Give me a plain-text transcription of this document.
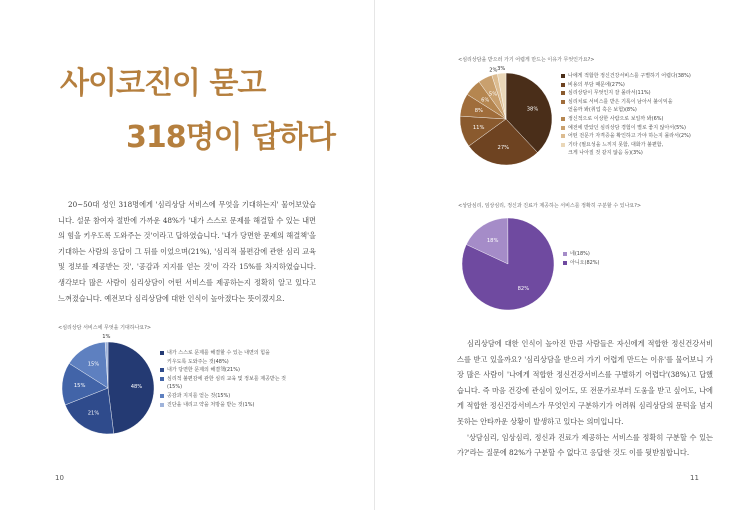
사이코진이 묻고
318명이 답하다

20~50대 성인 318명에게 '심리상담 서비스에 무엇을 기대하는지' 물어보았습니다. 설문 참여자 절반에 가까운 48%가 '내가 스스로 문제를 해결할 수 있는 내면의 힘을 키우도록 도와주는 것'이라고 답하였습니다. '내가 당면한 문제의 해결책'을 기대하는 사람의 응답이 그 뒤를 이었으며(21%), '심리적 불편감에 관한 심리 교육 및 정보를 제공받는 것', '공감과 지지를 얻는 것'이 각각 15%를 차지하였습니다. 생각보다 많은 사람이 심리상담이 어떤 서비스를 제공하는지 정확히 알고 있다고 느껴졌습니다. 예전보다 심리상담에 대한 인식이 높아졌다는 뜻이겠지요.

<심리상담 서비스에 무엇을 기대하나요?>
48%
21%
15%
15%
1%
내가 스스로 문제를 해결할 수 있는 내면의 힘을
키우도록 도와주는 것(48%)
내가 당면한 문제의 해결책(21%)
심리적 불편감에 관한 심리 교육 및 정보를 제공받는 것
(15%)
공감과 지지를 얻는 것(15%)
진단을 내리고 약을 처방을 받는 것(1%)
10
<심리상담을 받으러 가기 어렵게 만드는 이유가 무엇인가요?>
38%
27%
11%
8%
6%
5%
2% 3%
나에게 적합한 정신건강서비스를 구별하기 어렵다(38%)
비용의 부담 때문에(27%)
심리상담이 무엇인지 잘 몰라서(11%)
심리치료 서비스를 받은 기록이 남아서 불이익을
얻을까 봐(취업 혹은 보험)(8%)
정신적으로 이상한 사람으로 보일까 봐(6%)
예전에 받았던 심리상담 경험이 별로 좋지 않아서(5%)
어떤 전문가 자격증을 확인하고 가야 하는지 몰라서(2%)
기타 (필요성을 느끼지 못함, 대화가 불편함,
크게 나아질 것 같지 않음 등)(3%)
<상담심리, 임상심리, 정신과 진료가 제공하는 서비스를 정확히 구분할 수 있나요?>
18%
82%
네(18%)
아니오(82%)

심리상담에 대한 인식이 높아진 만큼 사람들은 자신에게 적합한 정신건강서비스를 받고 있을까요? '심리상담을 받으러 가기 어렵게 만드는 이유'를 물어보니 가장 많은 사람이 '나에게 적합한 정신건강서비스를 구별하기 어렵다'(38%)고 답했습니다. 즉 마음 건강에 관심이 있어도, 또 전문가로부터 도움을 받고 싶어도, 나에게 적합한 정신건강서비스가 무엇인지 구분하기가 어려워 심리상담의 문턱을 넘지 못하는 안타까운 상황이 발생하고 있다는 의미입니다.

'상담심리, 임상심리, 정신과 진료가 제공하는 서비스를 정확히 구분할 수 있는가?'라는 질문에 82%가 구분할 수 없다고 응답한 것도 이를 뒷받침합니다.

11
